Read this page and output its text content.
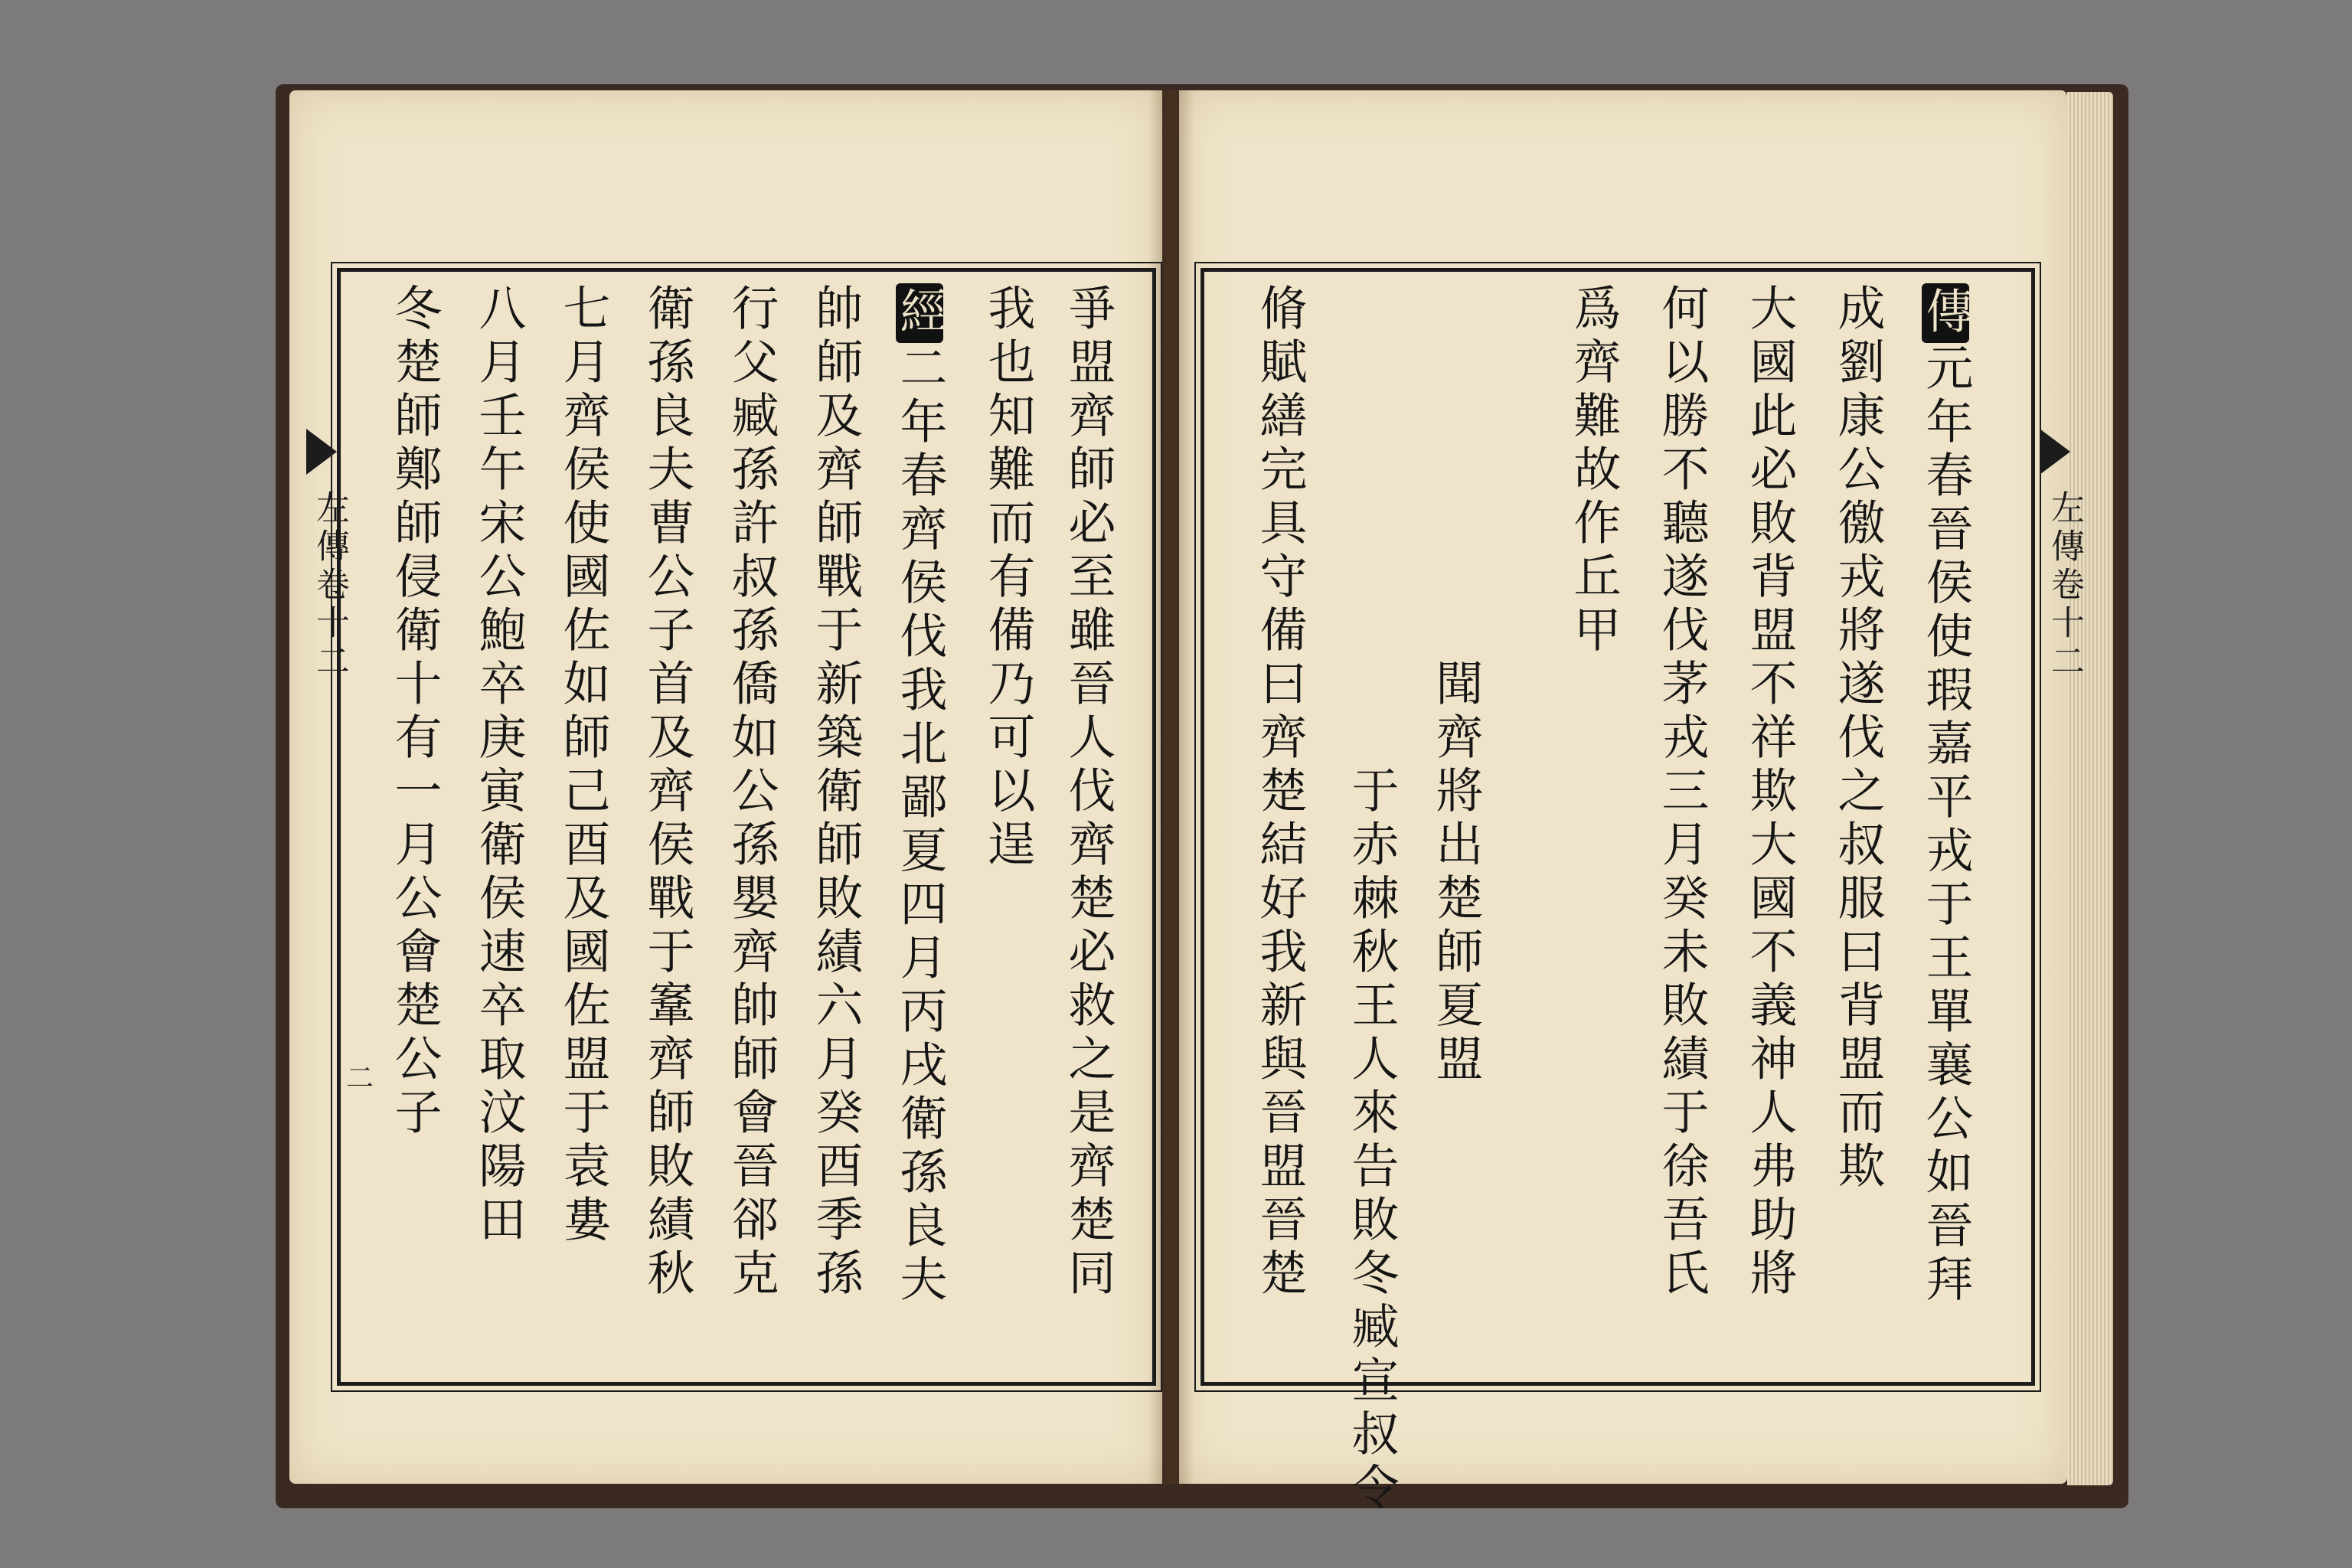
左傳卷十二
二	爭盟齊師必至雖晉人伐齊楚必救之是齊楚同
我也知難而有備乃可以逞
經二年春齊侯伐我北鄙夏四月丙戌衛孫良夫
帥師及齊師戰于新築衛師敗績六月癸酉季孫
行父臧孫許叔孫僑如公孫嬰齊帥師會晉郤克
衛孫良夫曹公子首及齊侯戰于鞌齊師敗績秋
七月齊侯使國佐如師己酉及國佐盟于袁婁
八月壬午宋公鮑卒庚寅衛侯速卒取汶陽田
冬楚師鄭師侵衛十有一月公會楚公子	左傳卷十二
傳元年春晉侯使瑕嘉平戎于王單襄公如晉拜
成劉康公徼戎將遂伐之叔服曰背盟而欺
大國此必敗背盟不祥欺大國不義神人弗助將
何以勝不聽遂伐茅戎三月癸未敗績于徐吾氏
爲齊難故作丘甲
聞齊將出楚師夏盟
于赤棘秋王人來告敗冬臧宣叔令
脩賦繕完具守備曰齊楚結好我新與晉盟晉楚
